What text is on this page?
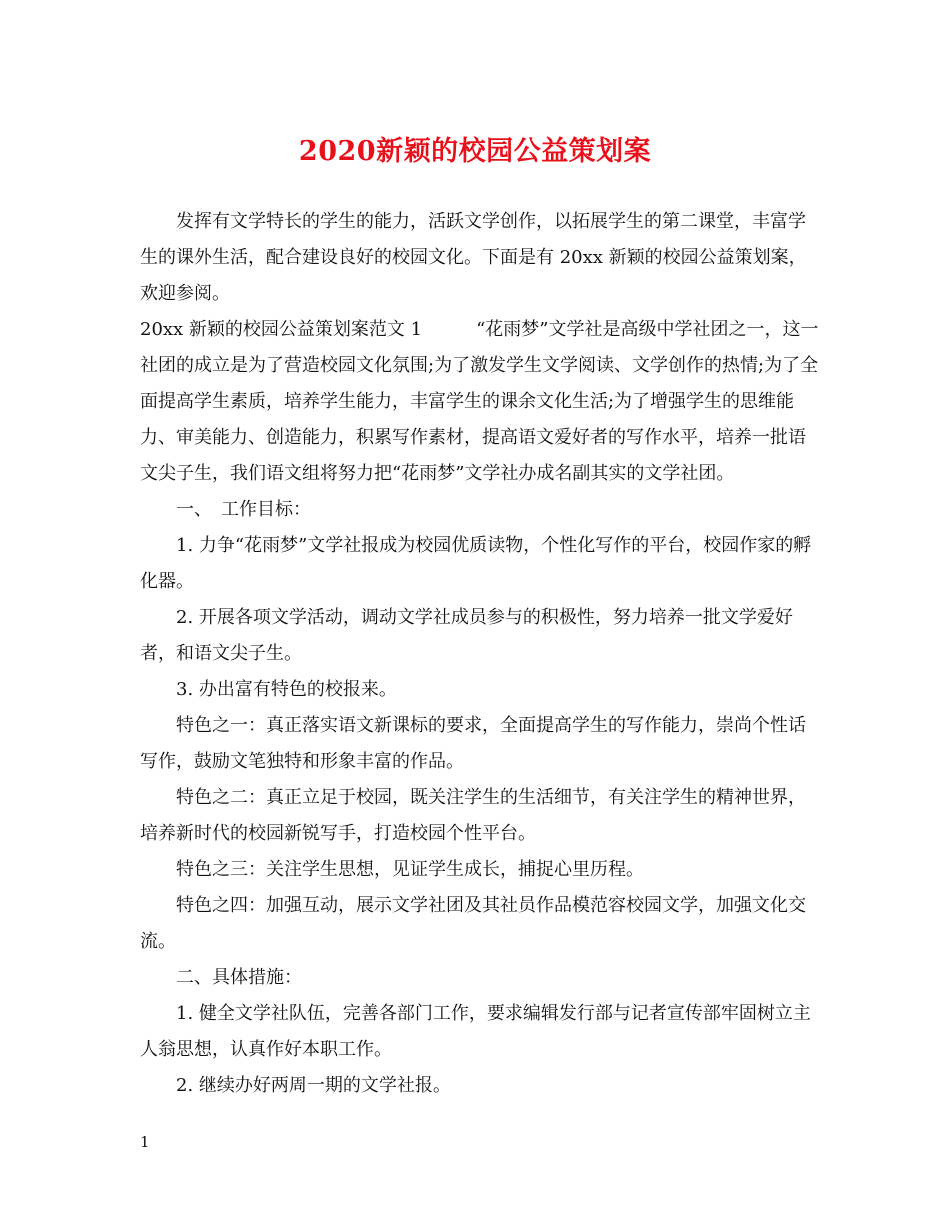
2020新颖的校园公益策划案

发挥有文学特长的学生的能力，活跃文学创作，以拓展学生的第二课堂，丰富学生的课外生活，配合建设良好的校园文化。下面是有 20xx 新颖的校园公益策划案，欢迎参阅。

20xx 新颖的校园公益策划案范文 1　　　“花雨梦”文学社是高级中学社团之一，这一社团的成立是为了营造校园文化氛围;为了激发学生文学阅读、文学创作的热情;为了全面提高学生素质，培养学生能力，丰富学生的课余文化生活;为了增强学生的思维能力、审美能力、创造能力，积累写作素材，提高语文爱好者的写作水平，培养一批语文尖子生，我们语文组将努力把“花雨梦”文学社办成名副其实的文学社团。

一、　工作目标：

1. 力争“花雨梦”文学社报成为校园优质读物，个性化写作的平台，校园作家的孵化器。

2. 开展各项文学活动，调动文学社成员参与的积极性，努力培养一批文学爱好者，和语文尖子生。

3. 办出富有特色的校报来。

特色之一：真正落实语文新课标的要求，全面提高学生的写作能力，崇尚个性话写作，鼓励文笔独特和形象丰富的作品。

特色之二：真正立足于校园，既关注学生的生活细节，有关注学生的精神世界，培养新时代的校园新锐写手，打造校园个性平台。

特色之三：关注学生思想，见证学生成长，捕捉心里历程。

特色之四：加强互动，展示文学社团及其社员作品模范容校园文学，加强文化交流。

二、具体措施：

1. 健全文学社队伍，完善各部门工作，要求编辑发行部与记者宣传部牢固树立主人翁思想，认真作好本职工作。

2. 继续办好两周一期的文学社报。

1
